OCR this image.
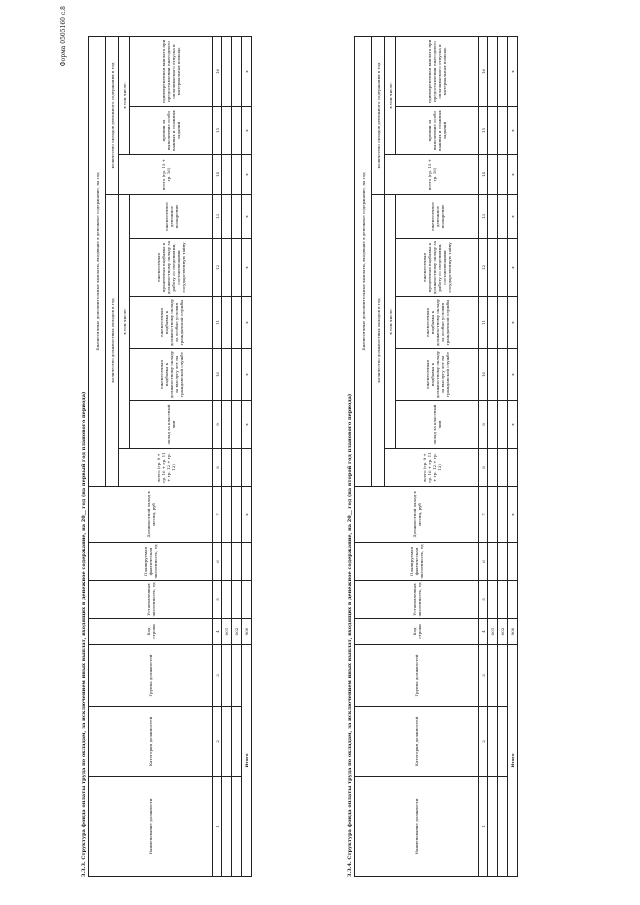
Форма 0505160 с.8
3.3.3. Структура фонда оплаты труда по окладам, за исключением иных выплат, входящих в денежное содержание, на 20__ год (на первый год планового периода)	Наименование должности	Категория должностей	Группа должностей	Код строки	Установленная численность, ед	Планируемая фактическая численность, ед	Должностной оклад в месяц, руб	Ежемесячные дополнительные выплаты, входящие в денежное содержание, на год								
							количество должностных окладов в год						количество окладов денежного содержания в год		
							всего (гр. 9 + гр. 10 + гр. 11 + гр. 12 + гр. 13)	в том числе:					всего (гр. 15 + гр. 16)	в том числе:	
								оклад за классный чин	ежемесячная надбавка к должностному окладу за выслугу лет на гражданской службе	ежемесячная надбавка к должностному окладу за особые условия гражданской службы	ежемесячная процентная надбавка к должностному окладу за работу со сведениями, составляющими государственную тайну	ежемесячное денежное поощрение		премии за выполнение особо важных и сложных заданий	единовременная выплата при предоставлении ежегодного оплачиваемого отпуска и материальная помощь
1	2	3	4	5	6	7	8	9	10	11	12	13	14	15	16
			001												
			002												
Итого			900			x		x	x	x	x	x	x	x	x
3.3.4. Структура фонда оплаты труда по окладам, за исключением иных выплат, входящих в денежное содержание, на 20__ год (на второй год планового периода)	Наименование должности	Категория должностей	Группа должностей	Код строки	Установленная численность, ед	Планируемая фактическая численность, ед	Должностной оклад в месяц, руб	Ежемесячные дополнительные выплаты, входящие в денежное содержание, на год								
							количество должностных окладов в год						количество окладов денежного содержания в год		
							всего (гр. 9 + гр. 10 + гр. 11 + гр. 12 + гр. 13)	в том числе:					всего (гр. 15 + гр. 16)	в том числе:	
								оклад за классный чин	ежемесячная надбавка к должностному окладу за выслугу лет на гражданской службе	ежемесячная надбавка к должностному окладу за особые условия гражданской службы	ежемесячная процентная надбавка к должностному окладу за работу со сведениями, составляющими государственную тайну	ежемесячное денежное поощрение		премии за выполнение особо важных и сложных заданий	единовременная выплата при предоставлении ежегодного оплачиваемого отпуска и материальная помощь
1	2	3	4	5	6	7	8	9	10	11	12	13	14	15	16
			001												
			002												
Итого			900			x		x	x	x	x	x	x	x	x
